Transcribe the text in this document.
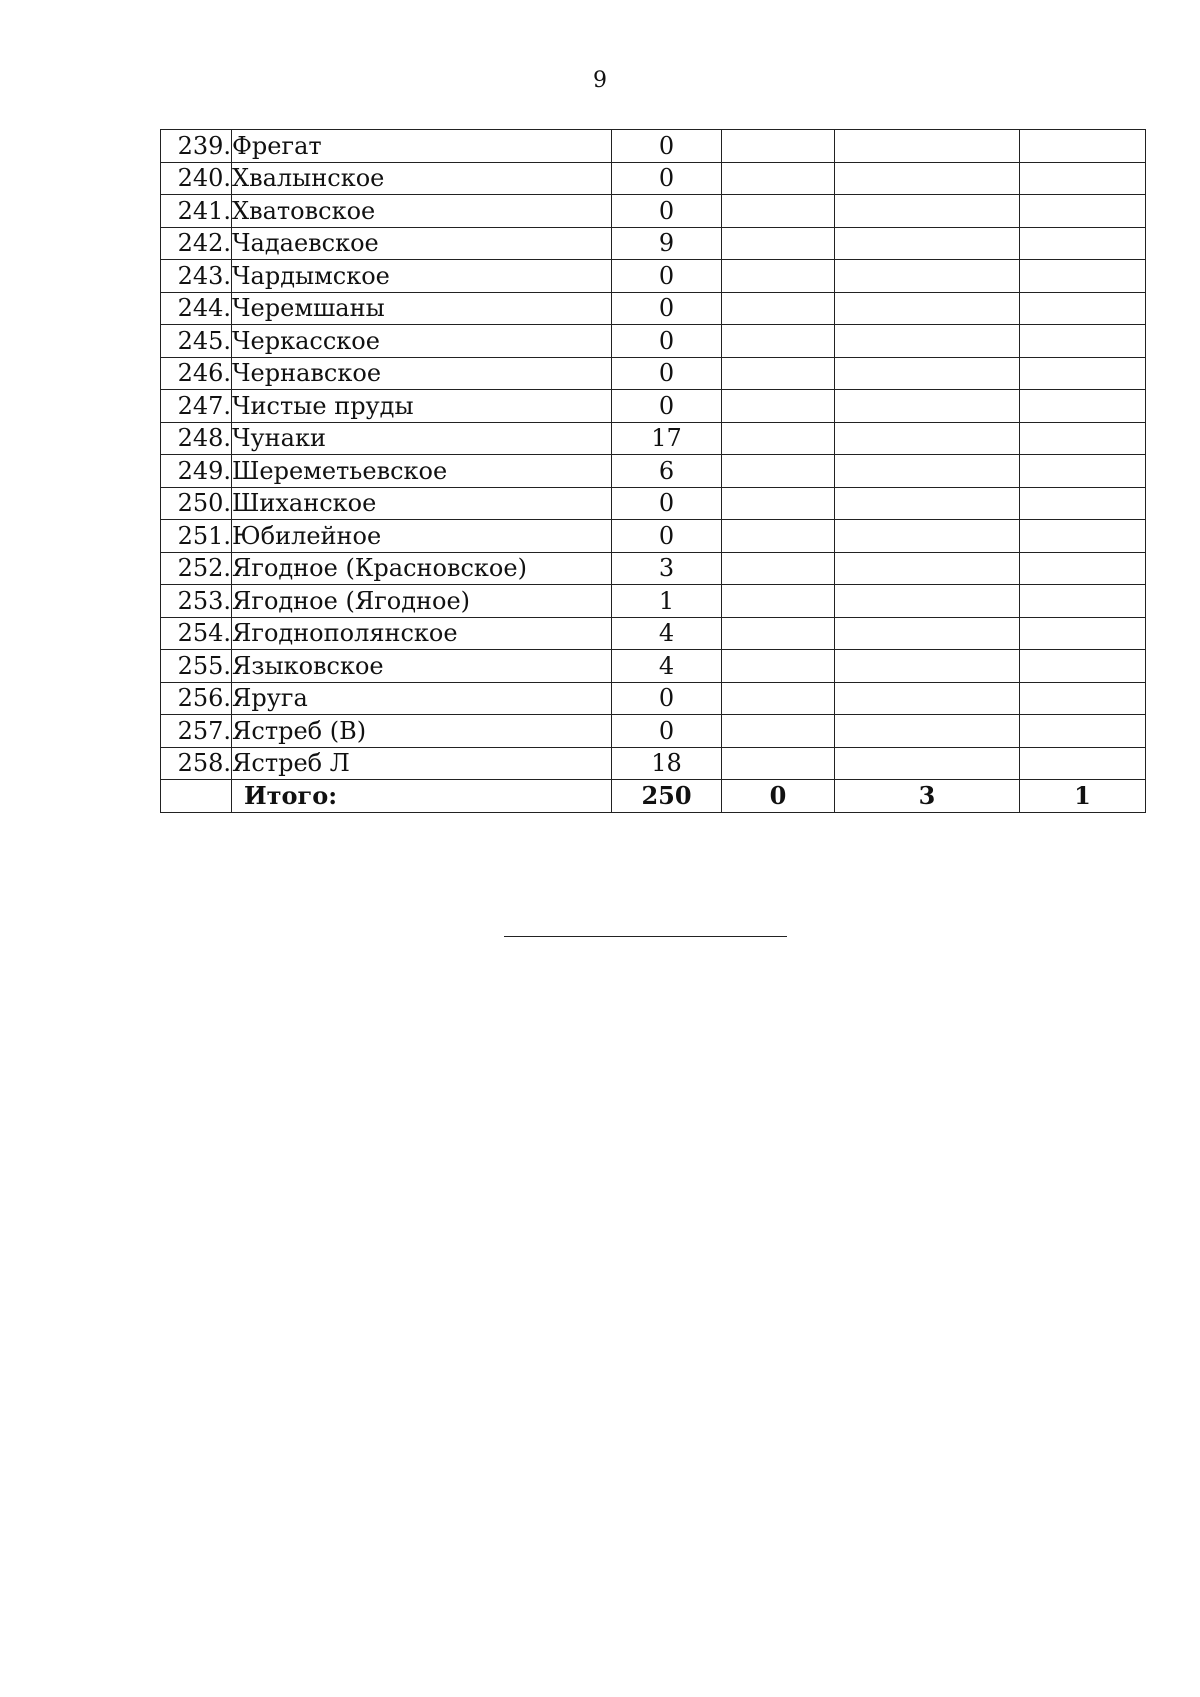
9
239.	Фрегат	0			
240.	Хвалынское	0			
241.	Хватовское	0			
242.	Чадаевское	9			
243.	Чардымское	0			
244.	Черемшаны	0			
245.	Черкасское	0			
246.	Чернавское	0			
247.	Чистые пруды	0			
248.	Чунаки	17			
249.	Шереметьевское	6			
250.	Шиханское	0			
251.	Юбилейное	0			
252.	Ягодное (Красновское)	3			
253.	Ягодное (Ягодное)	1			
254.	Ягоднополянское	4			
255.	Языковское	4			
256.	Яруга	0			
257.	Ястреб (В)	0			
258.	Ястреб Л	18			
	Итого:	250	0	3	1
